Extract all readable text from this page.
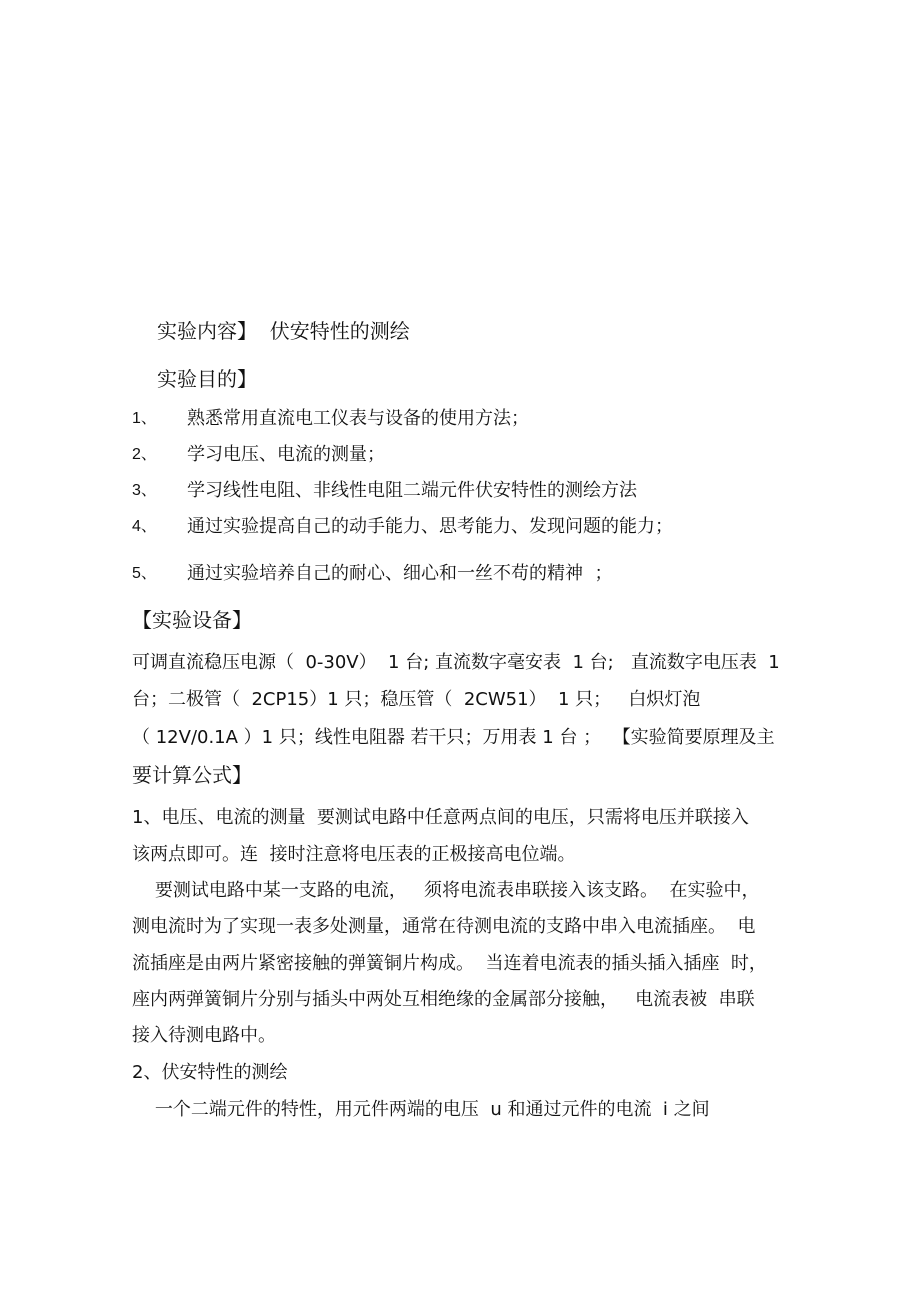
实验内容】  伏安特性的测绘
实验目的】
1、 熟悉常用直流电工仪表与设备的使用方法；
2、 学习电压、电流的测量；
3、 学习线性电阻、非线性电阻二端元件伏安特性的测绘方法
4、 通过实验提高自己的动手能力、思考能力、发现问题的能力；
5、 通过实验培养自己的耐心、细心和一丝不苟的精神  ；
【实验设备】
可调直流稳压电源（  0-30V）  1 台; 直流数字毫安表  1 台;   直流数字电压表  1
台；二极管（  2CP15）1 只；稳压管（  2CW51）  1 只；   白炽灯泡
（ 12V/0.1A ）1 只；线性电阻器 若干只；万用表 1 台 ；  【实验简要原理及主
要计算公式】
1、电压、电流的测量  要测试电路中任意两点间的电压，只需将电压并联接入
该两点即可。连  接时注意将电压表的正极接高电位端。
要测试电路中某一支路的电流，   须将电流表串联接入该支路。  在实验中，
测电流时为了实现一表多处测量，通常在待测电流的支路中串入电流插座。  电
流插座是由两片紧密接触的弹簧铜片构成。  当连着电流表的插头插入插座  时，
座内两弹簧铜片分别与插头中两处互相绝缘的金属部分接触，   电流表被  串联
接入待测电路中。
2、伏安特性的测绘
一个二端元件的特性，用元件两端的电压  u 和通过元件的电流  i 之间
